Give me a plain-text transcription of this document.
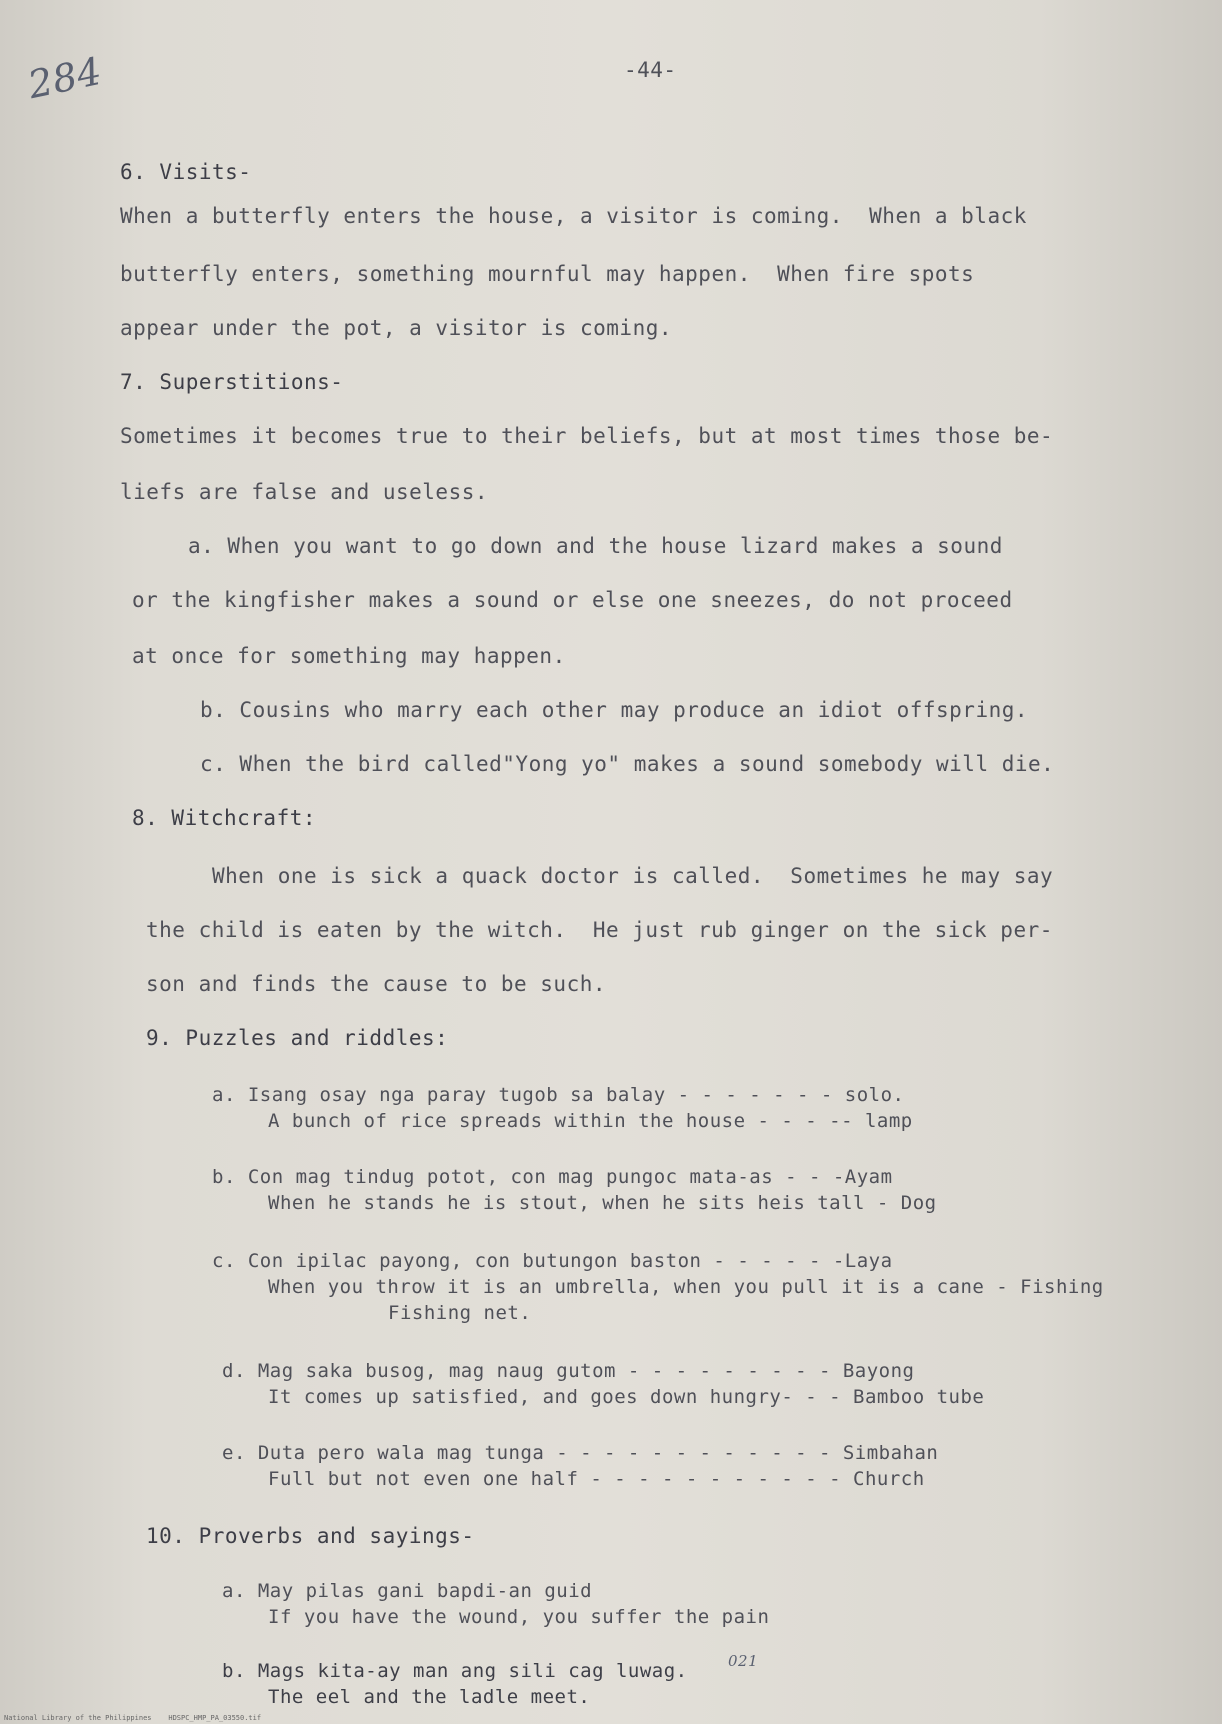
284	-44-
6. Visits-
When a butterfly enters the house, a visitor is coming.  When a black
butterfly enters, something mournful may happen.  When fire spots
appear under the pot, a visitor is coming.
7. Superstitions-
Sometimes it becomes true to their beliefs, but at most times those be-
liefs are false and useless.
a. When you want to go down and the house lizard makes a sound
or the kingfisher makes a sound or else one sneezes, do not proceed
at once for something may happen.
b. Cousins who marry each other may produce an idiot offspring.
c. When the bird called"Yong yo" makes a sound somebody will die.
8. Witchcraft:
When one is sick a quack doctor is called.  Sometimes he may say
the child is eaten by the witch.  He just rub ginger on the sick per-
son and finds the cause to be such.
9. Puzzles and riddles:
a. Isang osay nga paray tugob sa balay - - - - - - - solo.
A bunch of rice spreads within the house - - - -- lamp
b. Con mag tindug potot, con mag pungoc mata-as - - -Ayam
When he stands he is stout, when he sits heis tall - Dog
c. Con ipilac payong, con butungon baston - - - - - -Laya
When you throw it is an umbrella, when you pull it is a cane - Fishing
Fishing net.
d. Mag saka busog, mag naug gutom - - - - - - - - - Bayong
It comes up satisfied, and goes down hungry- - - Bamboo tube
e. Duta pero wala mag tunga - - - - - - - - - - - - Simbahan
Full but not even one half - - - - - - - - - - - Church
10. Proverbs and sayings-
a. May pilas gani bapdi-an guid
If you have the wound, you suffer the pain
b. Mags kita-ay man ang sili cag luwag.	021
The eel and the ladle meet.
National Library of the Philippines    HDSPC_HMP_PA_03550.tif
